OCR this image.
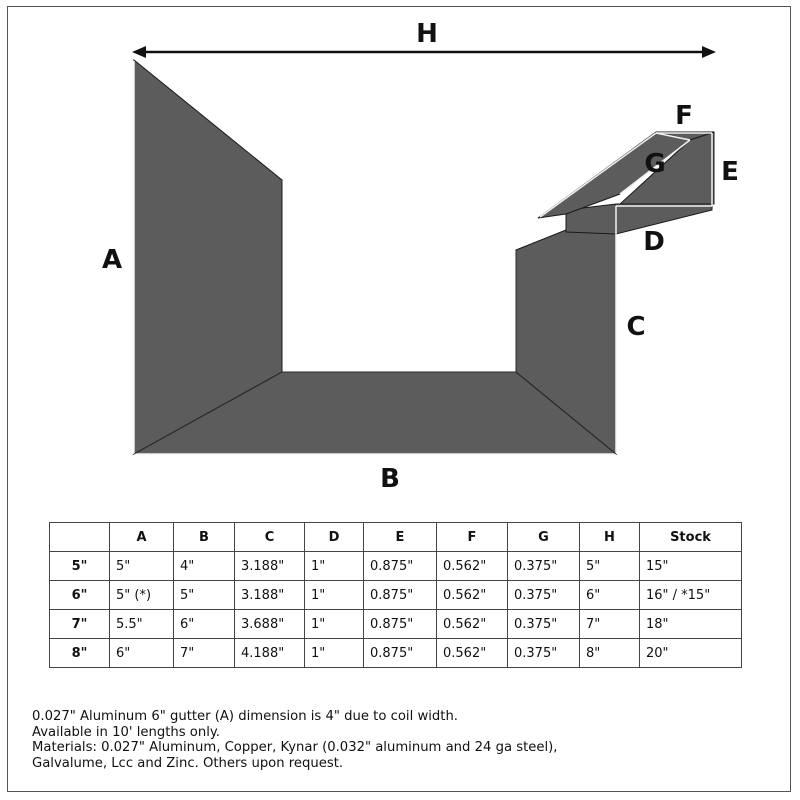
H
A
B
C
D
E
F
G
	A	B	C	D	E	F	G	H	Stock
5"	5"	4"	3.188"	1"	0.875"	0.562"	0.375"	5"	15"
6"	5" (*)	5"	3.188"	1"	0.875"	0.562"	0.375"	6"	16" / *15"
7"	5.5"	6"	3.688"	1"	0.875"	0.562"	0.375"	7"	18"
8"	6"	7"	4.188"	1"	0.875"	0.562"	0.375"	8"	20"
0.027" Aluminum 6" gutter (A) dimension is 4" due to coil width.
Available in 10' lengths only.
Materials: 0.027" Aluminum, Copper, Kynar (0.032" aluminum and 24 ga steel),
Galvalume, Lcc and Zinc. Others upon request.
